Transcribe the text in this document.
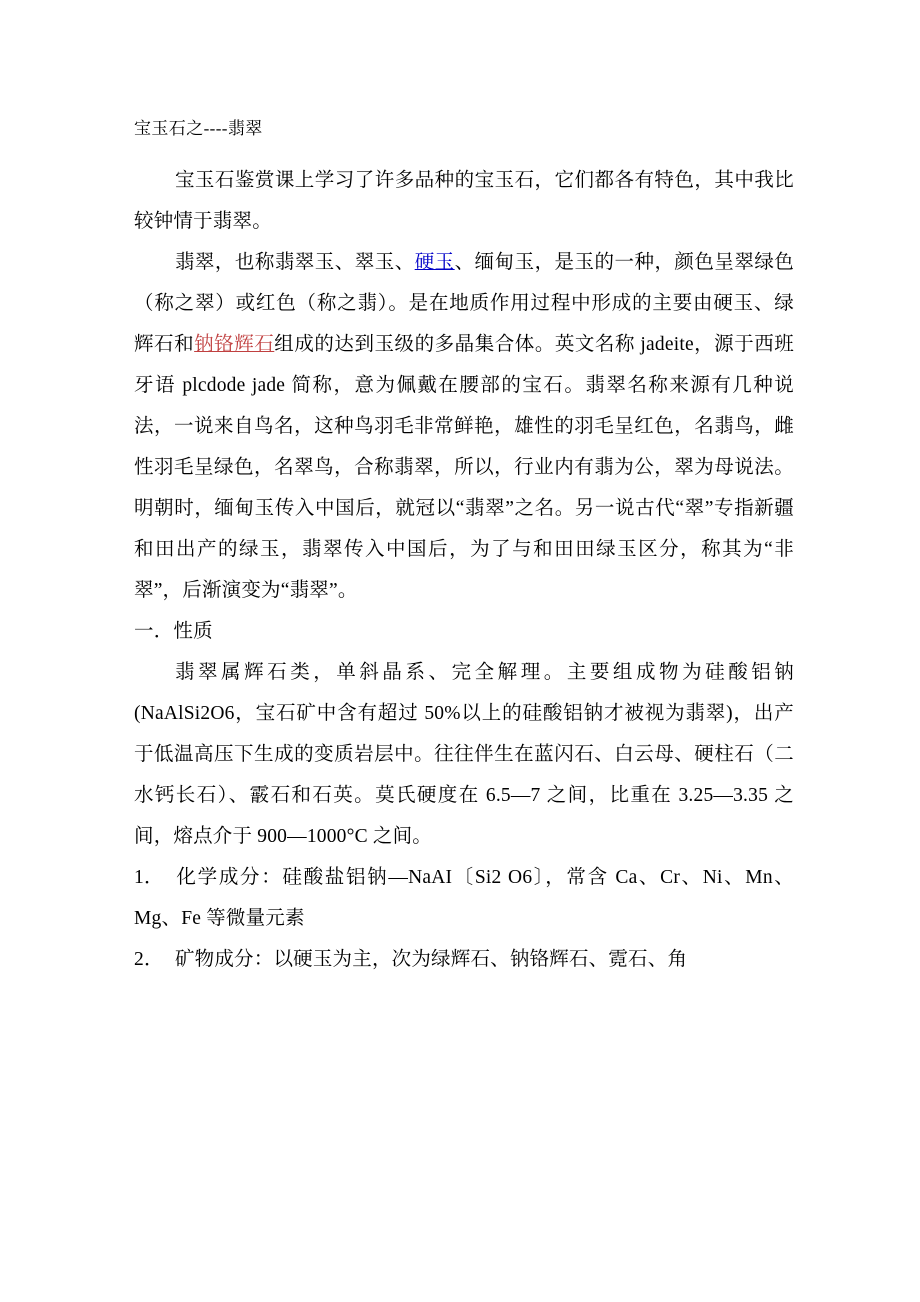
宝玉石之----翡翠

宝玉石鉴赏课上学习了许多品种的宝玉石，它们都各有特色，其中我比较钟情于翡翠。

翡翠，也称翡翠玉、翠玉、硬玉、缅甸玉，是玉的一种，颜色呈翠绿色（称之翠）或红色（称之翡）。是在地质作用过程中形成的主要由硬玉、绿辉石和钠铬辉石组成的达到玉级的多晶集合体。英文名称 jadeite，源于西班牙语 plcdode jade 简称，意为佩戴在腰部的宝石。翡翠名称来源有几种说法，一说来自鸟名，这种鸟羽毛非常鲜艳，雄性的羽毛呈红色，名翡鸟，雌性羽毛呈绿色，名翠鸟，合称翡翠，所以，行业内有翡为公，翠为母说法。明朝时，缅甸玉传入中国后，就冠以“翡翠”之名。另一说古代“翠”专指新疆和田出产的绿玉，翡翠传入中国后，为了与和田田绿玉区分，称其为“非翠”，后渐演变为“翡翠”。

一．性质

翡翠属辉石类，单斜晶系、完全解理。主要组成物为硅酸铝钠(NaAlSi2O6，宝石矿中含有超过 50%以上的硅酸铝钠才被视为翡翠)，出产于低温高压下生成的变质岩层中。往往伴生在蓝闪石、白云母、硬柱石（二水钙长石）、霰石和石英。莫氏硬度在 6.5—7 之间，比重在 3.25—3.35 之间，熔点介于 900—1000°C 之间。

1． 化学成分：硅酸盐铝钠—NaAI〔Si2 O6〕，常含 Ca、Cr、Ni、Mn、Mg、Fe 等微量元素

2． 矿物成分：以硬玉为主，次为绿辉石、钠铬辉石、霓石、角
